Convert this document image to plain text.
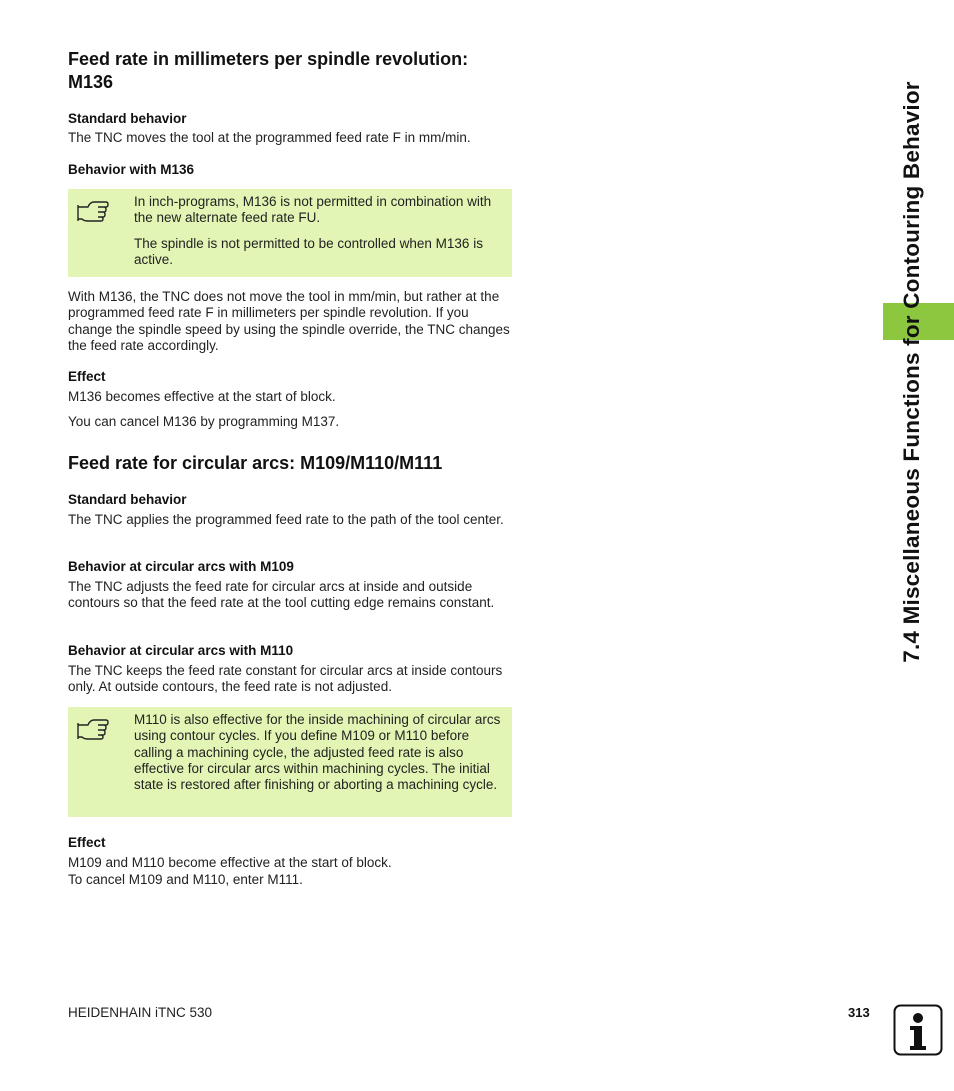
Feed rate in millimeters per spindle revolution:
M136
Standard behavior
The TNC moves the tool at the programmed feed rate F in mm/min.
Behavior with M136
In inch-programs, M136 is not permitted in combination with the new alternate feed rate FU.
The spindle is not permitted to be controlled when M136 is active.
With M136, the TNC does not move the tool in mm/min, but rather at the programmed feed rate F in millimeters per spindle revolution. If you change the spindle speed by using the spindle override, the TNC changes the feed rate accordingly.
Effect
M136 becomes effective at the start of block.
You can cancel M136 by programming M137.
Feed rate for circular arcs: M109/M110/M111
Standard behavior
The TNC applies the programmed feed rate to the path of the tool center.
Behavior at circular arcs with M109
The TNC adjusts the feed rate for circular arcs at inside and outside contours so that the feed rate at the tool cutting edge remains constant.
Behavior at circular arcs with M110
The TNC keeps the feed rate constant for circular arcs at inside contours only. At outside contours, the feed rate is not adjusted.
M110 is also effective for the inside machining of circular arcs using contour cycles. If you define M109 or M110 before calling a machining cycle, the adjusted feed rate is also effective for circular arcs within machining cycles. The initial state is restored after finishing or aborting a machining cycle.
Effect
M109 and M110 become effective at the start of block.
To cancel M109 and M110, enter M111.
7.4 Miscellaneous Functions for Contouring Behavior
HEIDENHAIN iTNC 530	313
